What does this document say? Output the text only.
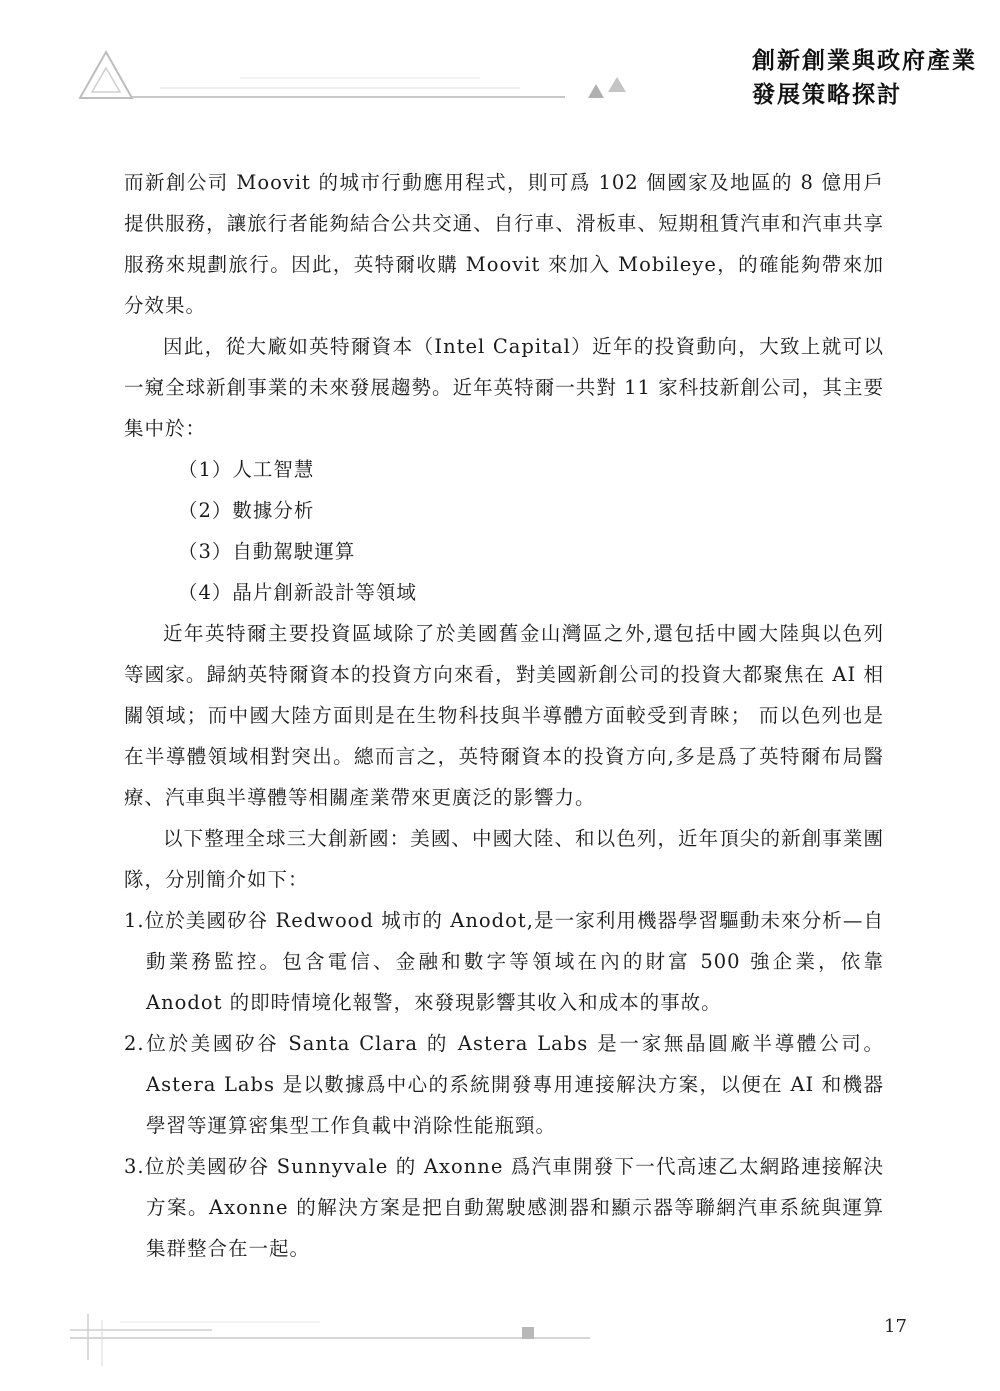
創新創業與政府產業
發展策略探討

而新創公司 Moovit 的城市行動應用程式，則可爲 102 個國家及地區的 8 億用戶提供服務，讓旅行者能夠結合公共交通、自行車、滑板車、短期租賃汽車和汽車共享服務來規劃旅行。因此，英特爾收購 Moovit 來加入 Mobileye，的確能夠帶來加分效果。

因此，從大廠如英特爾資本（Intel Capital）近年的投資動向，大致上就可以一窺全球新創事業的未來發展趨勢。近年英特爾一共對 11 家科技新創公司，其主要集中於：

（1）人工智慧

（2）數據分析

（3）自動駕駛運算

（4）晶片創新設計等領域

近年英特爾主要投資區域除了於美國舊金山灣區之外,還包括中國大陸與以色列等國家。歸納英特爾資本的投資方向來看，對美國新創公司的投資大都聚焦在 AI 相關領域；而中國大陸方面則是在生物科技與半導體方面較受到青睞； 而以色列也是在半導體領域相對突出。總而言之，英特爾資本的投資方向,多是爲了英特爾布局醫療、汽車與半導體等相關產業帶來更廣泛的影響力。

以下整理全球三大創新國：美國、中國大陸、和以色列，近年頂尖的新創事業團隊，分別簡介如下：

1.位於美國矽谷 Redwood 城市的 Anodot,是一家利用機器學習驅動未來分析—自動業務監控。包含電信、金融和數字等領域在內的財富 500 強企業，依靠 Anodot 的即時情境化報警，來發現影響其收入和成本的事故。

2.位於美國矽谷 Santa Clara 的 Astera Labs 是一家無晶圓廠半導體公司。Astera Labs 是以數據爲中心的系統開發專用連接解決方案，以便在 AI 和機器學習等運算密集型工作負載中消除性能瓶頸。

3.位於美國矽谷 Sunnyvale 的 Axonne 爲汽車開發下一代高速乙太網路連接解決方案。Axonne 的解決方案是把自動駕駛感測器和顯示器等聯網汽車系統與運算集群整合在一起。

17
